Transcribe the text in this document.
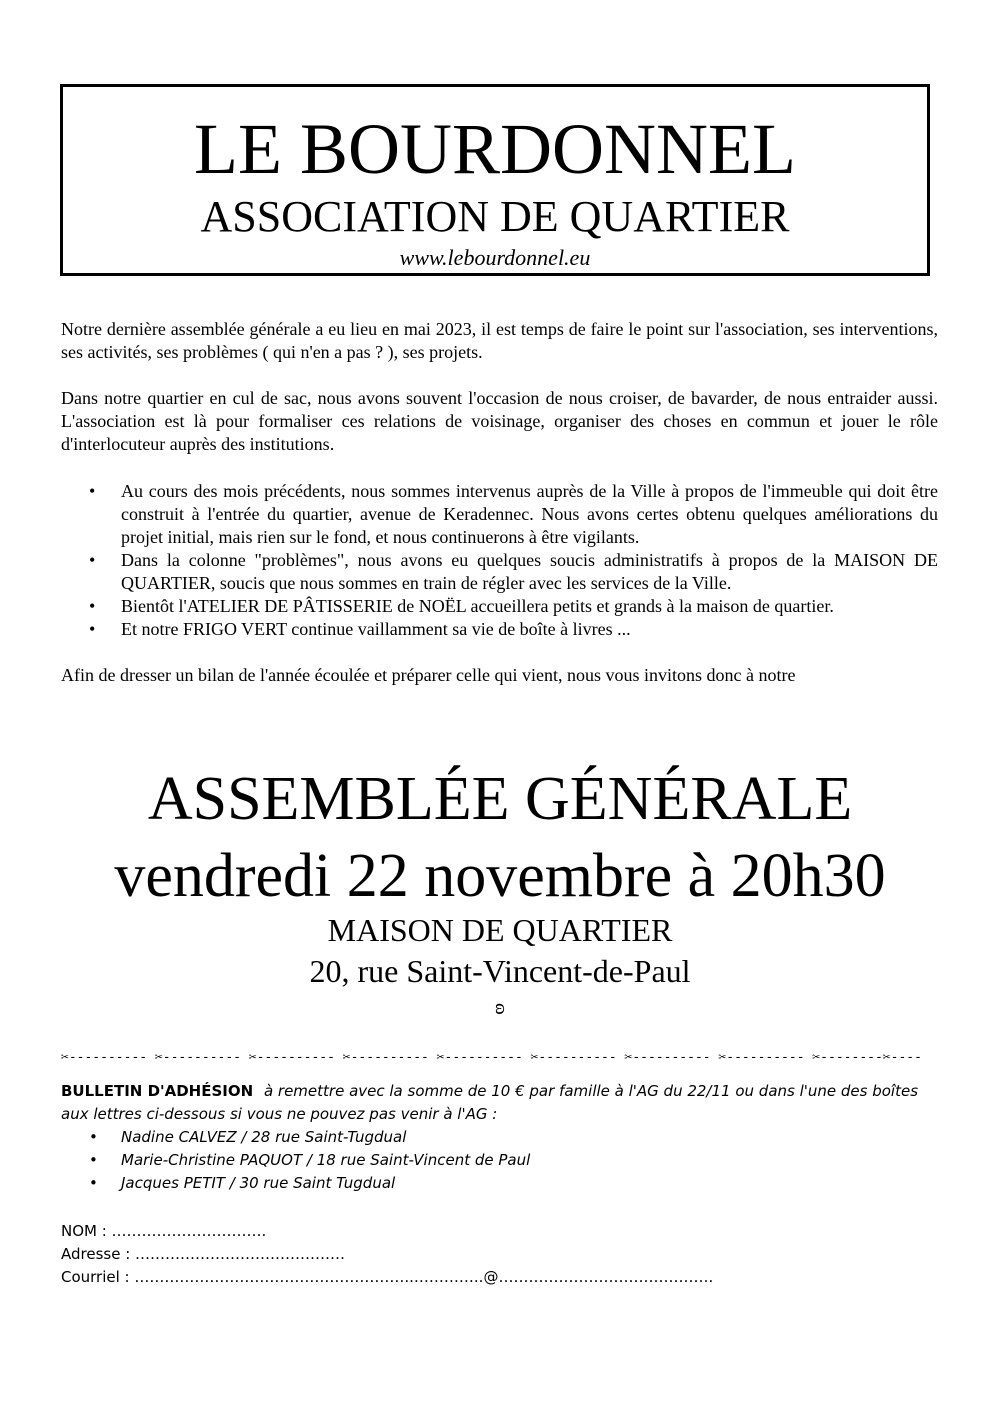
LE BOURDONNEL
ASSOCIATION DE QUARTIER
www.lebourdonnel.eu
Notre dernière assemblée générale a eu lieu en mai 2023, il est temps de faire le point sur l'association, ses interventions, ses activités, ses problèmes ( qui n'en a pas ? ), ses projets.
Dans notre quartier en cul de sac, nous avons souvent l'occasion de nous croiser, de bavarder, de nous entraider aussi. L'association est là pour formaliser ces relations de voisinage, organiser des choses en commun et jouer le rôle d'interlocuteur auprès des institutions.
• Au cours des mois précédents, nous sommes intervenus auprès de la Ville à propos de l'immeuble qui doit être construit à l'entrée du quartier, avenue de Keradennec. Nous avons certes obtenu quelques améliorations du projet initial, mais rien sur le fond, et nous continuerons à être vigilants.
• Dans la colonne "problèmes", nous avons eu quelques soucis administratifs à propos de la MAISON DE QUARTIER, soucis que nous sommes en train de régler avec les services de la Ville.
• Bientôt l'ATELIER DE PÂTISSERIE de NOËL accueillera petits et grands à la maison de quartier.
• Et notre FRIGO VERT continue vaillamment sa vie de boîte à livres ...
Afin de dresser un bilan de l'année écoulée et préparer celle qui vient, nous vous invitons donc à notre
ASSEMBLÉE GÉNÉRALE
vendredi 22 novembre à 20h30
MAISON DE QUARTIER
20, rue Saint-Vincent-de-Paul
ʚ
✂---------- ✂---------- ✂---------- ✂---------- ✂---------- ✂---------- ✂---------- ✂---------- ✂--------✂----
BULLETIN D'ADHÉSION à remettre avec la somme de 10 € par famille à l'AG du 22/11 ou dans l'une des boîtes aux lettres ci-dessous si vous ne pouvez pas venir à l'AG :
• Nadine CALVEZ / 28 rue Saint-Tugdual
• Marie-Christine PAQUOT / 18 rue Saint-Vincent de Paul
• Jacques PETIT / 30 rue Saint Tugdual
NOM : ………………………….
Adresse : ……………………………………
Courriel : ………………………………………………..…………..@…………………………………….
